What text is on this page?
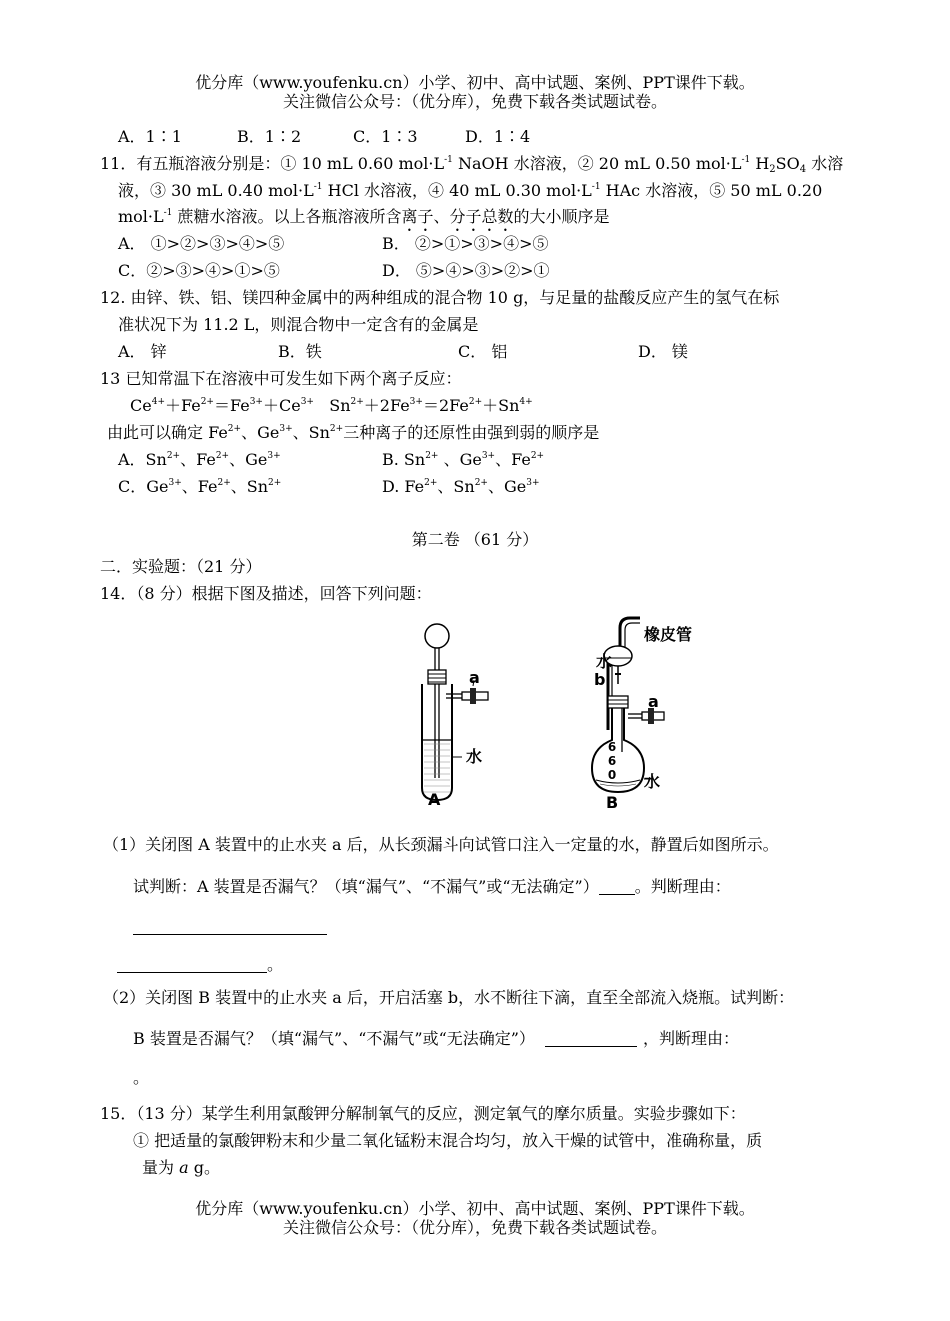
优分库（www.youfenku.cn）小学、初中、高中试题、案例、PPT课件下载。
关注微信公众号：（优分库），免费下载各类试题试卷。
A．1∶1	B．1∶2	C．1∶3	D．1∶4
11．有五瓶溶液分别是：① 10 mL 0.60 $mol\cdot L^{-1}$ NaOH 水溶液，② 20 mL 0.50 $mol\cdot L^{-1}$ $H_2SO_4$ 水溶
液，③ 30 mL 0.40 $mol\cdot L^{-1}$ HCl 水溶液，④ 40 mL 0.30 $mol\cdot L^{-1}$ HAc 水溶液，⑤ 50 mL 0.20
$mol\cdot L^{-1}$ 蔗糖水溶液。以上各瓶溶液所含离子、分子总数的大小顺序是
A． ①>②>③>④>⑤	B． ②>①>③>④>⑤
C．②>③>④>①>⑤	D． ⑤>④>③>②>①
12. 由锌、铁、铝、镁四种金属中的两种组成的混合物 10 g，与足量的盐酸反应产生的氢气在标
准状况下为 11.2 L，则混合物中一定含有的金属是
A． 锌	B．铁	C． 铝	D． 镁
13 已知常温下在溶液中可发生如下两个离子反应：
$Ce^{4+}+Fe^{2+}=Fe^{3+}+Ce^{3+}$   $Sn^{2+}+2Fe^{3+}=2Fe^{2+}+Sn^{4+}$
由此可以确定 $Fe^{2+}$、$Ge^{3+}$、$Sn^{2+}$三种离子的还原性由强到弱的顺序是
A．$Sn^{2+}$、$Fe^{2+}$、$Ge^{3+}$	B. $Sn^{2+}$ 、$Ge^{3+}$、$Fe^{2+}$
C．$Ge^{3+}$、$Fe^{2+}$、$Sn^{2+}$	D. $Fe^{2+}$、$Sn^{2+}$、$Ge^{3+}$
第二卷 （61 分）
二．实验题：（21 分）
14．（8 分）根据下图及描述，回答下列问题：
a
水
A
橡皮管
水
b
a
6 6 0 水
B
（1）关闭图 A 装置中的止水夹 a 后，从长颈漏斗向试管口注入一定量的水，静置后如图所示。
试判断：A 装置是否漏气？（填“漏气”、“不漏气”或“无法确定”） 。判断理由：
。
（2）关闭图 B 装置中的止水夹 a 后，开启活塞 b，水不断往下滴，直至全部流入烧瓶。试判断：
B 装置是否漏气？（填“漏气”、“不漏气”或“无法确定”）	，判断理由：
。
15．（13 分）某学生利用氯酸钾分解制氧气的反应，测定氧气的摩尔质量。实验步骤如下：
① 把适量的氯酸钾粉末和少量二氧化锰粉末混合均匀，放入干燥的试管中，准确称量，质
量为 a g。
优分库（www.youfenku.cn）小学、初中、高中试题、案例、PPT课件下载。
关注微信公众号：（优分库），免费下载各类试题试卷。
